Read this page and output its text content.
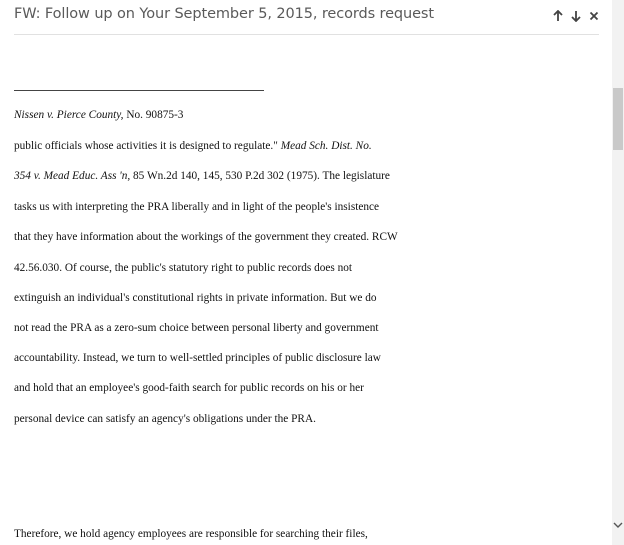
FW: Follow up on Your September 5, 2015, records request
Nissen v. Pierce County, No. 90875-3
public officials whose activities it is designed to regulate." Mead Sch. Dist. No.
354 v. Mead Educ. Ass 'n, 85 Wn.2d 140, 145, 530 P.2d 302 (1975). The legislature
tasks us with interpreting the PRA liberally and in light of the people's insistence
that they have information about the workings of the government they created. RCW
42.56.030. Of course, the public's statutory right to public records does not
extinguish an individual's constitutional rights in private information. But we do
not read the PRA as a zero-sum choice between personal liberty and government
accountability. Instead, we turn to well-settled principles of public disclosure law
and hold that an employee's good-faith search for public records on his or her
personal device can satisfy an agency's obligations under the PRA.
Therefore, we hold agency employees are responsible for searching their files,
